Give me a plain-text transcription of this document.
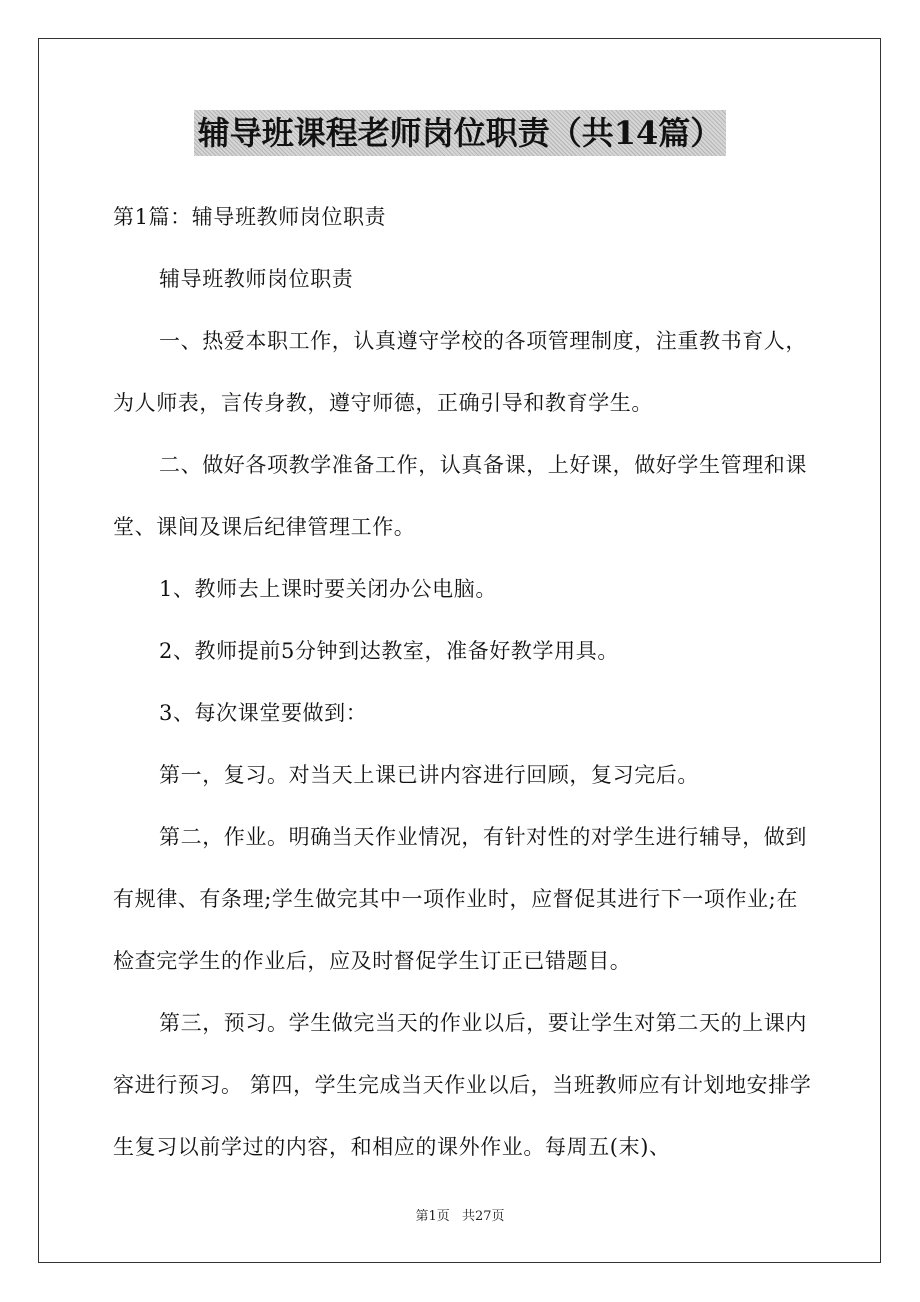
辅导班课程老师岗位职责（共14篇）

第1篇：辅导班教师岗位职责

辅导班教师岗位职责

一、热爱本职工作，认真遵守学校的各项管理制度，注重教书育人，为人师表，言传身教，遵守师德，正确引导和教育学生。

二、做好各项教学准备工作，认真备课，上好课，做好学生管理和课堂、课间及课后纪律管理工作。

1、教师去上课时要关闭办公电脑。

2、教师提前5分钟到达教室，准备好教学用具。

3、每次课堂要做到：

第一，复习。对当天上课已讲内容进行回顾，复习完后。

第二，作业。明确当天作业情况，有针对性的对学生进行辅导，做到有规律、有条理;学生做完其中一项作业时，应督促其进行下一项作业;在检查完学生的作业后，应及时督促学生订正已错题目。

第三，预习。学生做完当天的作业以后，要让学生对第二天的上课内容进行预习。 第四，学生完成当天作业以后，当班教师应有计划地安排学生复习以前学过的内容，和相应的课外作业。每周五(末)、

第1页 共27页
